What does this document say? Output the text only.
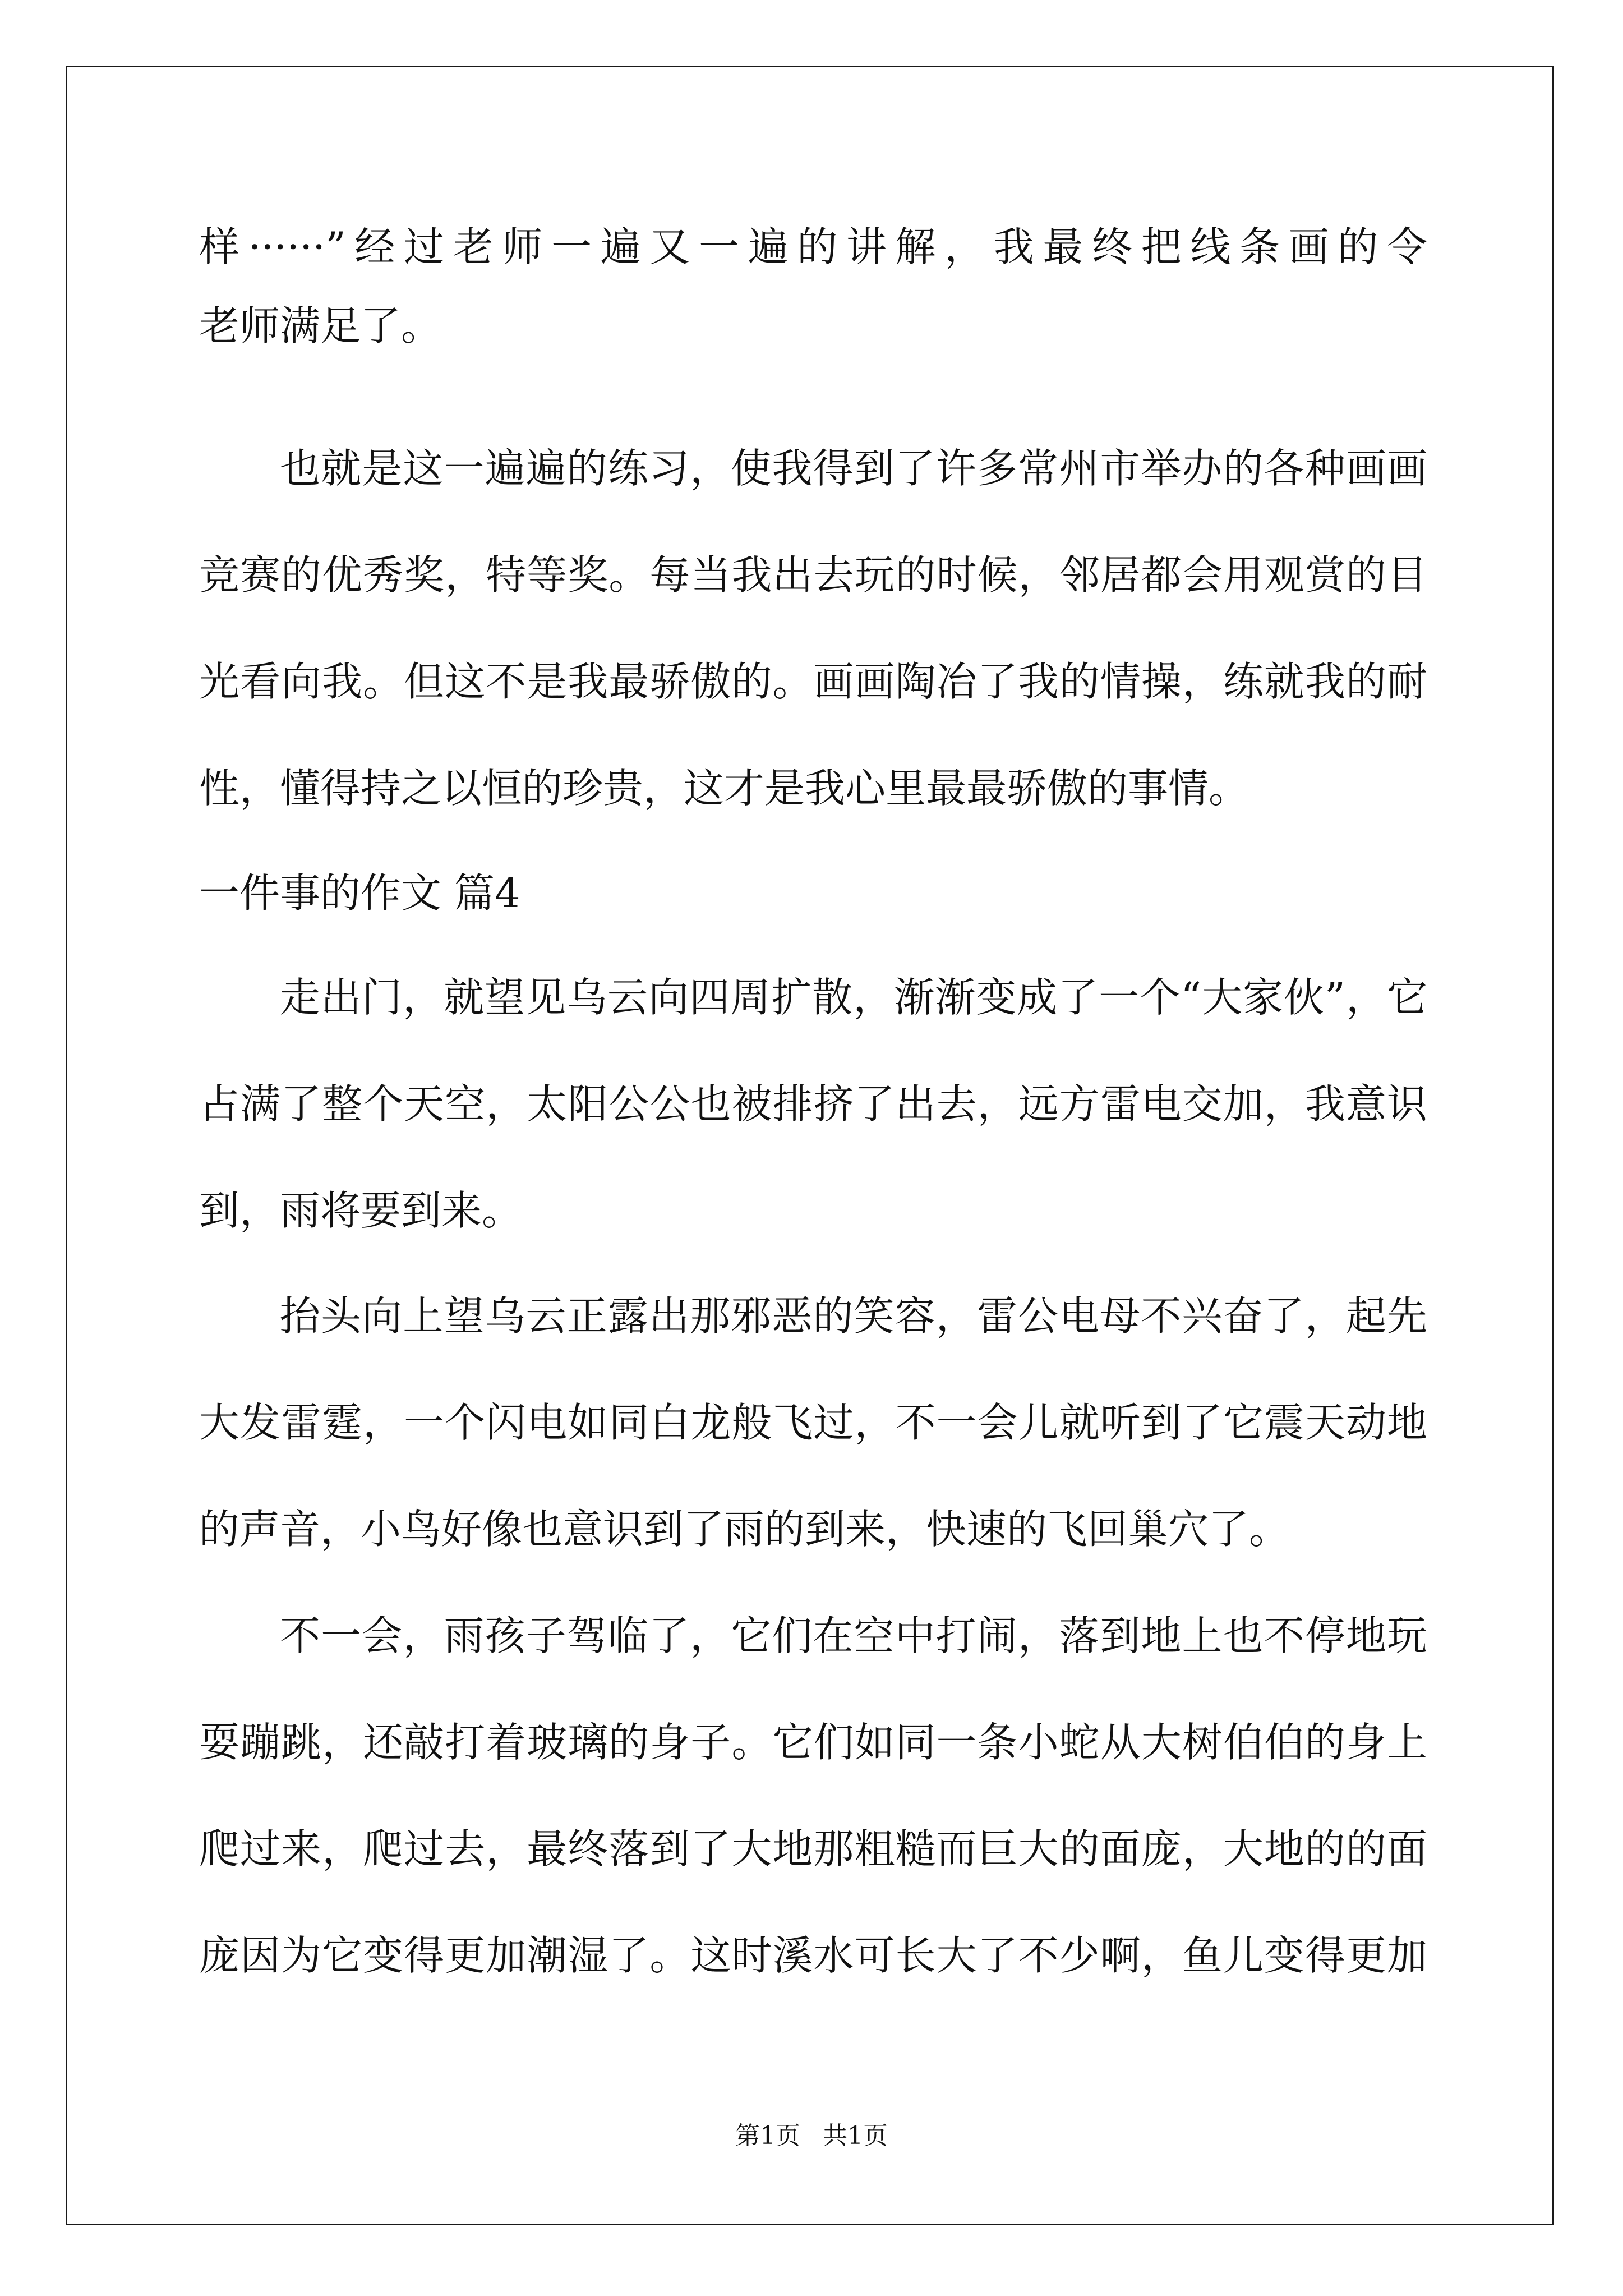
样······”经过老师一遍又一遍的讲解，我最终把线条画的令
老师满足了。
也就是这一遍遍的练习，使我得到了许多常州市举办的各种画画
竞赛的优秀奖，特等奖。每当我出去玩的时候，邻居都会用观赏的目
光看向我。但这不是我最骄傲的。画画陶冶了我的情操，练就我的耐
性，懂得持之以恒的珍贵，这才是我心里最最骄傲的事情。
一件事的作文 篇4
走出门，就望见乌云向四周扩散，渐渐变成了一个“大家伙”，它
占满了整个天空，太阳公公也被排挤了出去，远方雷电交加，我意识
到，雨将要到来。
抬头向上望乌云正露出那邪恶的笑容，雷公电母不兴奋了，起先
大发雷霆，一个闪电如同白龙般飞过，不一会儿就听到了它震天动地
的声音，小鸟好像也意识到了雨的到来，快速的飞回巢穴了。
不一会，雨孩子驾临了，它们在空中打闹，落到地上也不停地玩
耍蹦跳，还敲打着玻璃的身子。它们如同一条小蛇从大树伯伯的身上
爬过来，爬过去，最终落到了大地那粗糙而巨大的面庞，大地的的面
庞因为它变得更加潮湿了。这时溪水可长大了不少啊，鱼儿变得更加
第1页 共1页
